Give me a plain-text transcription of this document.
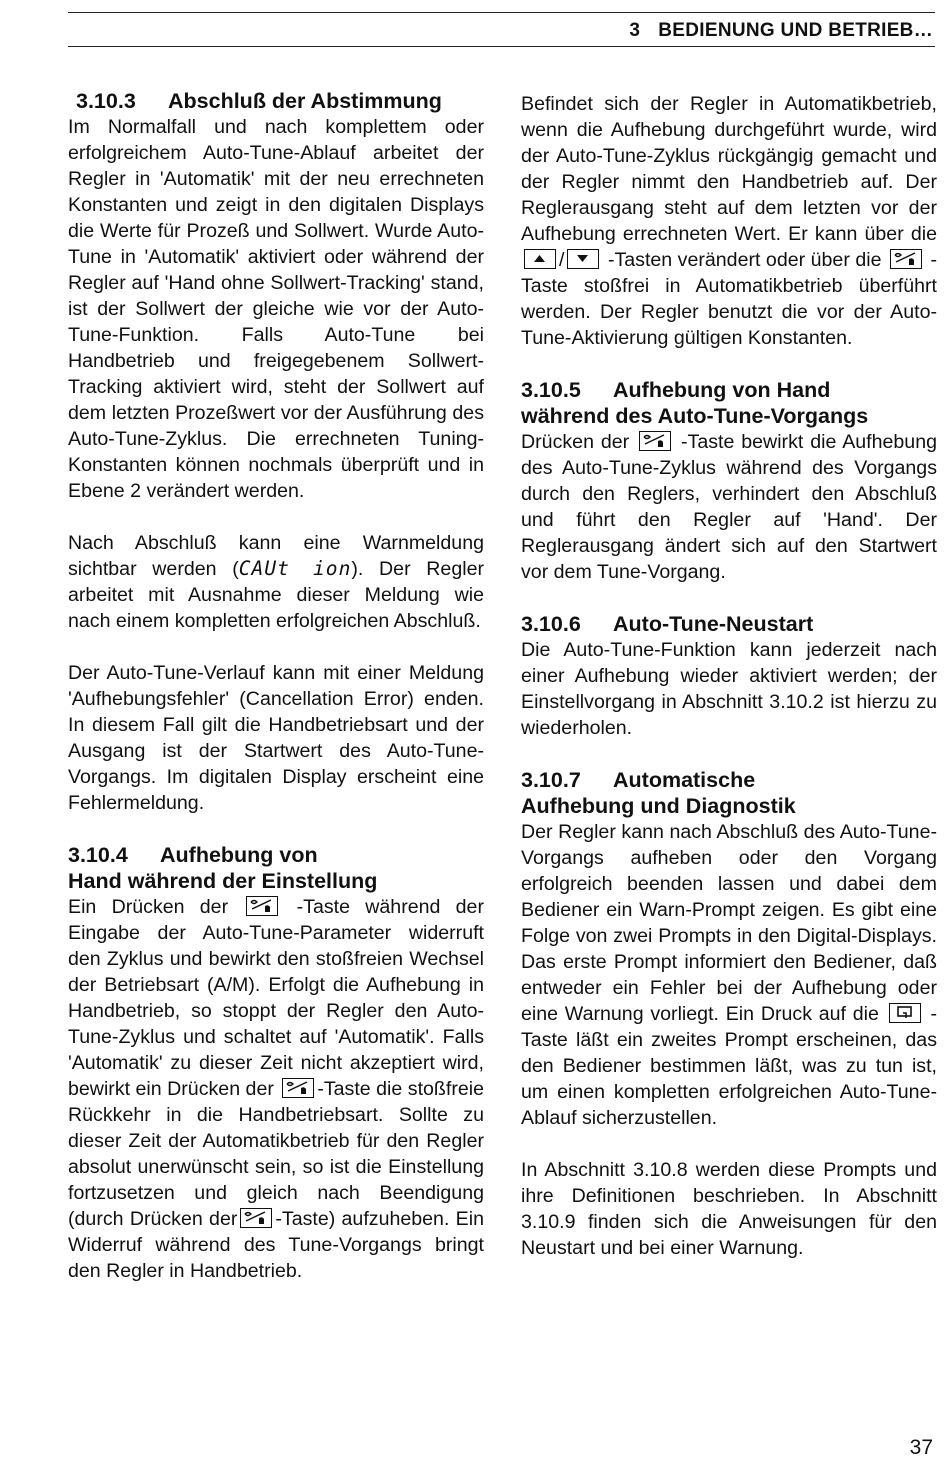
3 BEDIENUNG UND BETRIEB…
3.10.3 Abschluß der Abstimmung

Im Normalfall und nach komplettem oder erfolgreichem Auto-Tune-Ablauf arbeitet der Regler in 'Automatik' mit der neu errechneten Konstanten und zeigt in den digitalen Displays die Werte für Prozeß und Sollwert. Wurde Auto-Tune in 'Automatik' aktiviert oder während der Regler auf 'Hand ohne Sollwert-Tracking' stand, ist der Sollwert der gleiche wie vor der Auto-Tune-Funktion. Falls Auto-Tune bei Handbetrieb und freigegebenem Sollwert-Tracking aktiviert wird, steht der Sollwert auf dem letzten Prozeßwert vor der Ausführung des Auto-Tune-Zyklus. Die errechneten Tuning-Konstanten können nochmals überprüft und in Ebene 2 verändert werden.

Nach Abschluß kann eine Warnmeldung sichtbar werden (CAUt ion). Der Regler arbeitet mit Ausnahme dieser Meldung wie nach einem kompletten erfolgreichen Abschluß.

Der Auto-Tune-Verlauf kann mit einer Meldung 'Aufhebungsfehler' (Cancellation Error) enden. In diesem Fall gilt die Handbetriebsart und der Ausgang ist der Startwert des Auto-Tune-Vorgangs. Im digitalen Display erscheint eine Fehlermeldung.

3.10.4 Aufhebung von
Hand während der Einstellung

Ein Drücken der	-Taste während der Eingabe der Auto-Tune-Parameter widerruft den Zyklus und bewirkt den stoßfreien Wechsel der Betriebsart (A/M). Erfolgt die Aufhebung in Handbetrieb, so stoppt der Regler den Auto-Tune-Zyklus und schaltet auf 'Automatik'. Falls 'Automatik' zu dieser Zeit nicht akzeptiert wird, bewirkt ein Drücken der -Taste die stoßfreie Rückkehr in die Handbetriebsart. Sollte zu dieser Zeit der Automatikbetrieb für den Regler absolut unerwünscht sein, so ist die Einstellung fortzusetzen und gleich nach Beendigung (durch Drücken der -Taste) aufzuheben. Ein Widerruf während des Tune-Vorgangs bringt den Regler in Handbetrieb.

Befindet sich der Regler in Automatikbetrieb, wenn die Aufhebung durchgeführt wurde, wird der Auto-Tune-Zyklus rückgängig gemacht und der Regler nimmt den Handbetrieb auf. Der Reglerausgang steht auf dem letzten vor der Aufhebung errechneten Wert. Er kann über die
/ -Tasten verändert oder über die -Taste stoßfrei in Automatikbetrieb überführt werden. Der Regler benutzt die vor der Auto-Tune-Aktivierung gültigen Konstanten.

3.10.5 Aufhebung von Hand
während des Auto-Tune-Vorgangs

Drücken der	-Taste bewirkt die Aufhebung des Auto-Tune-Zyklus während des Vorgangs durch den Reglers, verhindert den Abschluß und führt den Regler auf 'Hand'. Der Reglerausgang ändert sich auf den Startwert vor dem Tune-Vorgang.

3.10.6 Auto-Tune-Neustart

Die Auto-Tune-Funktion kann jederzeit nach einer Aufhebung wieder aktiviert werden; der Einstellvorgang in Abschnitt 3.10.2 ist hierzu zu wiederholen.

3.10.7 Automatische
Aufhebung und Diagnostik

Der Regler kann nach Abschluß des Auto-Tune-Vorgangs aufheben oder den Vorgang erfolgreich beenden lassen und dabei dem Bediener ein Warn-Prompt zeigen. Es gibt eine Folge von zwei Prompts in den Digital-Displays. Das erste Prompt informiert den Bediener, daß entweder ein Fehler bei der Aufhebung oder eine Warnung vorliegt. Ein Druck auf die	-Taste läßt ein zweites Prompt erscheinen, das den Bediener bestimmen läßt, was zu tun ist, um einen kompletten erfolgreichen Auto-Tune-Ablauf sicherzustellen.

In Abschnitt 3.10.8 werden diese Prompts und ihre Definitionen beschrieben. In Abschnitt 3.10.9 finden sich die Anweisungen für den Neustart und bei einer Warnung.

37
